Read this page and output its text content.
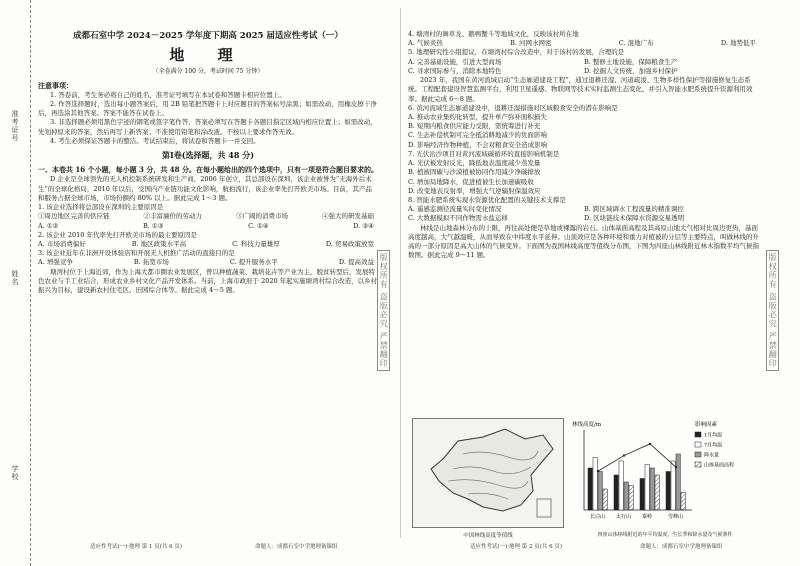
准考证号
姓名
学校
版权所有 盗版必究 严禁翻印
版权所有 盗版必究 严禁翻印
成都石室中学 2024－2025 学年度下期高 2025 届适应性考试（一）
地 理
（全卷满分 100 分，考试时间 75 分钟）

注意事项：

1. 答卷前，考生务必将自己的姓名、准考证号填写在本试卷和答题卡相应位置上。

2. 作答选择题时，选出每小题答案后，用 2B 铅笔把答题卡上对应题目的答案标号涂黑；如需改动，用橡皮擦干净后，再选涂其他答案。答案不能答在试卷上。

3. 非选择题必须用黑色字迹的钢笔或签字笔作答，答案必须写在答题卡各题目指定区域内相应位置上；如需改动，先划掉原来的答案，然后再写上新答案；不准使用铅笔和涂改液。不按以上要求作答无效。

4. 考生必须保证答题卡的整洁。考试结束后，将试卷和答题卡一并交回。

第Ⅰ卷(选择题，共 48 分)

一、本卷共 16 个小题，每小题 3 分，共 48 分。在每小题给出的四个选项中，只有一项是符合题目要求的。

D 企业是全球领先的无人机控制系统研发和生产商，2006 年创立，其总部设在深圳，该企业被誉为“无海外后术生”的全球化格局，2010 年以后，受国内产业链功能文化影响，航拍流行，该企业率先打开欧美市场。目前，其产品和服务占据全球市场，市场份额约 80% 以上。据此完成 1～3 题。

1. 该企业选择将总部设在深圳的主要原因是

①周边地区完善的供应链	②丰富廉价的劳动力	③广阔的消费市场	④强大的研发基础
A. ①②	B. ①③	C. ①④	D. ③④

2. 该企业 2010 年代率先打开欧美市场的最主要原因是

A. 市场消费偏好	B. 地区政策水平高	C. 科技力量雄厚	D. 贸易政策放宽

3. 该企业近年在非洲开设体验店和开展无人机推广活动的直接目的是

A. 增强竞争	B. 拓宽市场	C. 提升服务水平	D. 提高效益

塘湾村位于上海近郊，作为上海大都市圈农业发展区，曾以种植蔬菜、栽培花卉等产业为主，脱贫转型后，发展特色农业与手工业结合，形成农业乡村文化产品开发体系。当前，上海市政府于 2020 年起实施塘湾村综合改造，以乡村振兴为目标，建设新农村住宅区、田园综合体等。据此完成 4～5 题。

适应性考试(一)·地理 第 1 页(共 6 页)	命题人：成都石室中学地理备课组

4. 塘湾村的舞草龙、鹅鸭蟹斗等地域文化，反映该村所在地

A. 气候炎热	B. 河网水网密	C. 混地广布	D. 地势低平

5. 地理研究性小组提议，在塘湾村综合改造中，对于该村的发展，合理的是

A. 完善基础设施，引进大型商场	B. 整修土地设施，保障粮食生产
C. 寻求国际参与，消除本地特色	D. 挖掘人文传统，加强乡村保护

2023 年，我国在黄河流域启动“生态廊道建设工程”，通过退耕还湿、河道疏浚、生物多样性保护等措施修复生态系统。工程配套建设智慧监测平台，利用卫星遥感、物联网等技术实时监测生态变化，并引入智能水肥系统提升资源利用效率。据此完成 6～8 题。

6. 黄河流域生态廊道建设中，退耕还湿措施对区域粮食安全的潜在影响是

A. 推动农业集约化转型，提升单产弥补面积损失

B. 短期内粮食供应能力受限，需统筹进行补充

C. 生态补偿机制可完全抵消耕地减少的负面影响

D. 影响经济作物种植，不会对粮食安全造成影响

7. 光伏治沙项目对黄河流域碳循环的直接影响机制是

A. 光伏板发射反光，降低地表温度减少蒸发量

B. 植被固碳与沙漠植被协同作用减少净碳排放

C. 增加局地降水，促进植被生长加速碳吸收

D. 改变地表反射率，增强大气逆辐射保温效应

8. 智能水肥系统实现水资源优化配置的关键技术支撑是

A. 遥感监测径流量实时变化情况	B. 跨区域调水工程流量的精准调控
C. 大数据模拟不同作物需水盐运移	D. 区块链技术保障水资源交易透明

林线是山地森林分布的上限，再往高处便是草地或裸露的岩石。山体基面高程及其高原山地大气相对比周边更热，基面高度越高，大气越温暖，从而导致在中纬度水平延伸。山顶效应是各种环境和重力对植被的分层等主要特点，叫做林线的升高的一部分原因是高大山体的气候变异。下面图为我国林线高度等值线分布图，下图为四座山林线附近林木指数平均气候指数图。据此完成 9～11 题。

中国林线高度等值线
林线高度/m	影响因素
长白山 太行山 秦岭	雪峰山
1月均温
7月均温
降水量
山体基面高程
四座山体林线附近的年平均温度、生长季和降水量及气候条件
适应性考试(一)·地理 第 2 页(共 6 页)	命题人：成都石室中学地理备课组
